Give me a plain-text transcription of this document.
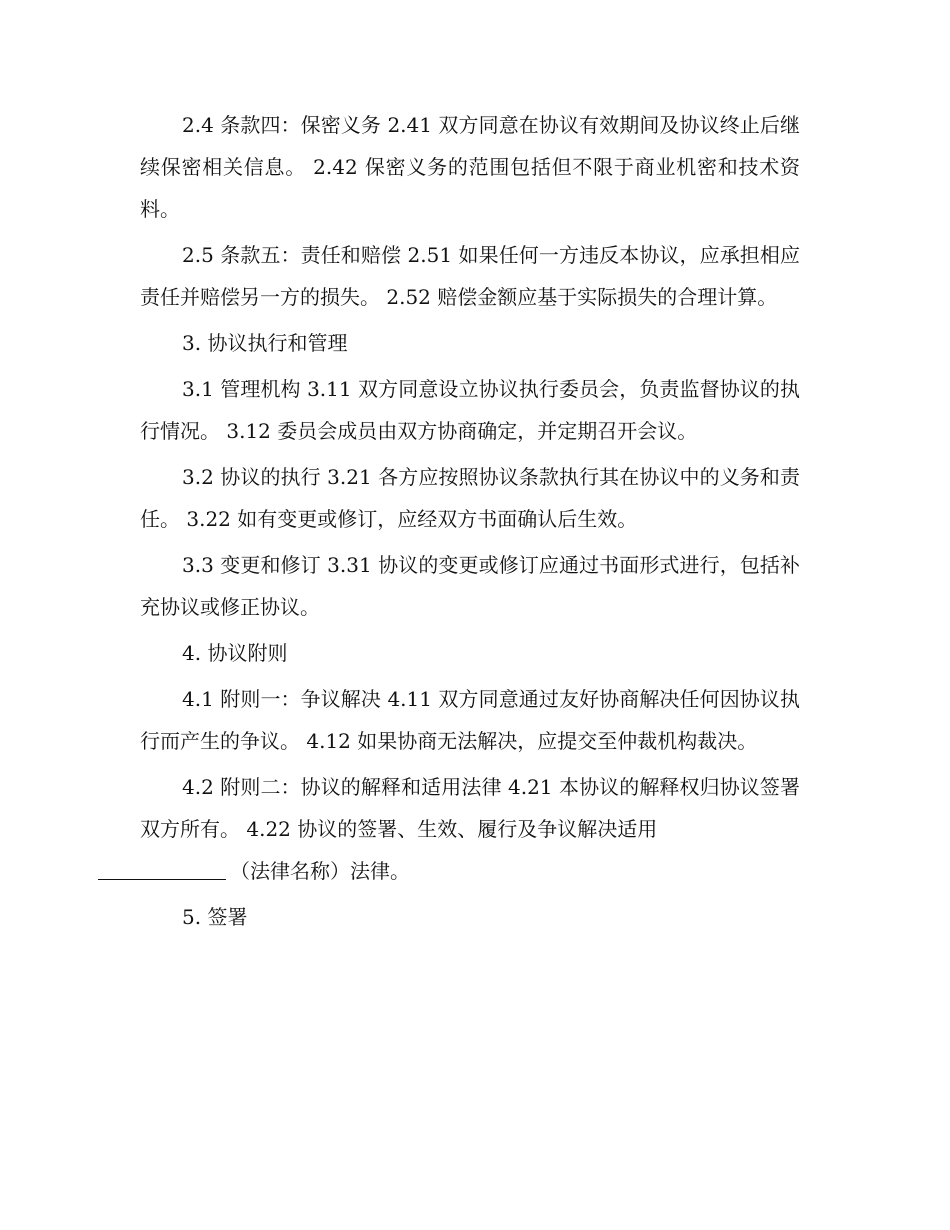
2.4 条款四：保密义务 2.41 双方同意在协议有效期间及协议终止后继续保密相关信息。 2.42 保密义务的范围包括但不限于商业机密和技术资料。

2.5 条款五：责任和赔偿 2.51 如果任何一方违反本协议，应承担相应责任并赔偿另一方的损失。 2.52 赔偿金额应基于实际损失的合理计算。

3. 协议执行和管理

3.1 管理机构 3.11 双方同意设立协议执行委员会，负责监督协议的执行情况。 3.12 委员会成员由双方协商确定，并定期召开会议。

3.2 协议的执行 3.21 各方应按照协议条款执行其在协议中的义务和责任。 3.22 如有变更或修订，应经双方书面确认后生效。

3.3 变更和修订 3.31 协议的变更或修订应通过书面形式进行，包括补充协议或修正协议。

4. 协议附则

4.1 附则一：争议解决 4.11 双方同意通过友好协商解决任何因协议执行而产生的争议。 4.12 如果协商无法解决，应提交至仲裁机构裁决。

4.2 附则二：协议的解释和适用法律 4.21 本协议的解释权归协议签署双方所有。 4.22 协议的签署、生效、履行及争议解决适用
（法律名称）法律。

5. 签署
